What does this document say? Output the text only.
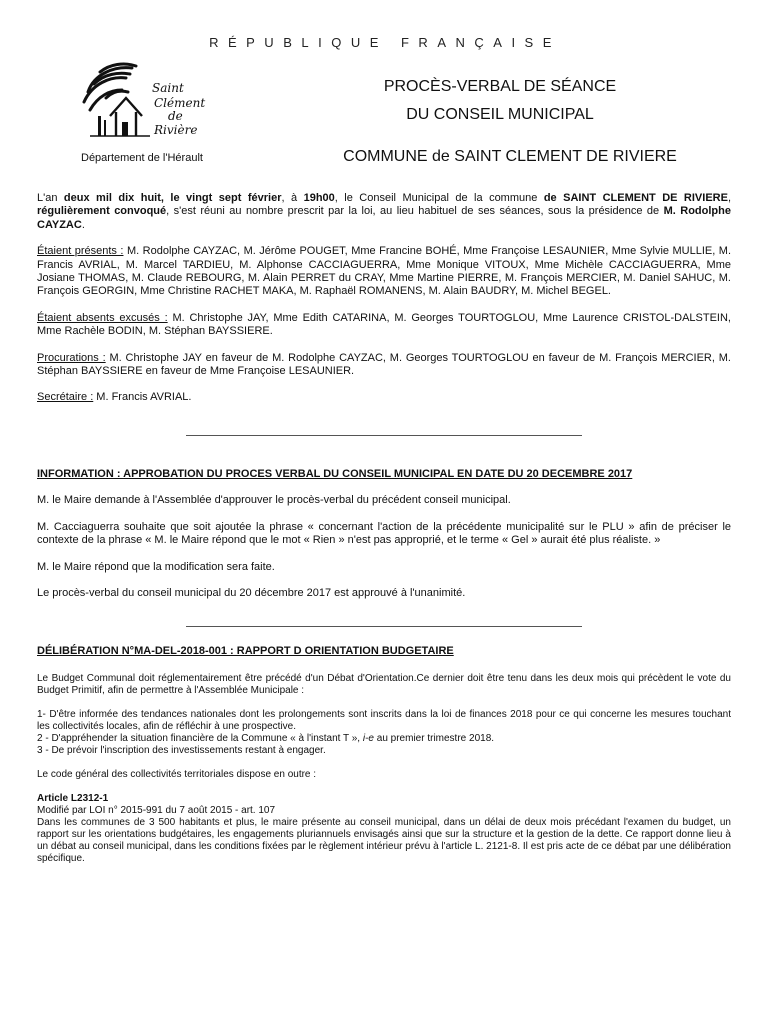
RÉPUBLIQUE FRANÇAISE
Saint
Clément
de
Rivière
Département de l'Hérault
PROCÈS-VERBAL DE SÉANCE
DU CONSEIL MUNICIPAL
COMMUNE de SAINT CLEMENT DE RIVIERE

L'an deux mil dix huit, le vingt sept février, à 19h00, le Conseil Municipal de la commune de SAINT CLEMENT DE RIVIERE, régulièrement convoqué, s'est réuni au nombre prescrit par la loi, au lieu habituel de ses séances, sous la présidence de M. Rodolphe CAYZAC.

Étaient présents : M. Rodolphe CAYZAC, M. Jérôme POUGET, Mme Francine BOHÉ, Mme Françoise LESAUNIER, Mme Sylvie MULLIE, M. Francis AVRIAL, M. Marcel TARDIEU, M. Alphonse CACCIAGUERRA, Mme Monique VITOUX, Mme Michèle CACCIAGUERRA, Mme Josiane THOMAS, M. Claude REBOURG, M. Alain PERRET du CRAY, Mme Martine PIERRE, M. François MERCIER, M. Daniel SAHUC, M. François GEORGIN, Mme Christine RACHET MAKA, M. Raphaël ROMANENS, M. Alain BAUDRY, M. Michel BEGEL.

Étaient absents excusés : M. Christophe JAY, Mme Edith CATARINA, M. Georges TOURTOGLOU, Mme Laurence CRISTOL-DALSTEIN, Mme Rachèle BODIN, M. Stéphan BAYSSIERE.

Procurations : M. Christophe JAY en faveur de M. Rodolphe CAYZAC, M. Georges TOURTOGLOU en faveur de M. François MERCIER, M. Stéphan BAYSSIERE en faveur de Mme Françoise LESAUNIER.

Secrétaire : M. Francis AVRIAL.

INFORMATION : APPROBATION DU PROCES VERBAL DU CONSEIL MUNICIPAL EN DATE DU 20 DECEMBRE 2017

M. le Maire demande à l'Assemblée d'approuver le procès-verbal du précédent conseil municipal.

M. Cacciaguerra souhaite que soit ajoutée la phrase « concernant l'action de la précédente municipalité sur le PLU » afin de préciser le contexte de la phrase « M. le Maire répond que le mot « Rien » n'est pas approprié, et le terme « Gel » aurait été plus réaliste. »

M. le Maire répond que la modification sera faite.

Le procès-verbal du conseil municipal du 20 décembre 2017 est approuvé à l'unanimité.

DÉLIBÉRATION N°MA-DEL-2018-001 : RAPPORT D ORIENTATION BUDGETAIRE

Le Budget Communal doit réglementairement être précédé d'un Débat d'Orientation.Ce dernier doit être tenu dans les deux mois qui précèdent le vote du Budget Primitif, afin de permettre à l'Assemblée Municipale :

1- D'être informée des tendances nationales dont les prolongements sont inscrits dans la loi de finances 2018 pour ce qui concerne les mesures touchant les collectivités locales, afin de réfléchir à une prospective.

2 - D'appréhender la situation financière de la Commune « à l'instant T », i-e au premier trimestre 2018.

3 - De prévoir l'inscription des investissements restant à engager.

Le code général des collectivités territoriales dispose en outre :

Article L2312-1

Modifié par LOI n° 2015-991 du 7 août 2015 - art. 107

Dans les communes de 3 500 habitants et plus, le maire présente au conseil municipal, dans un délai de deux mois précédant l'examen du budget, un rapport sur les orientations budgétaires, les engagements pluriannuels envisagés ainsi que sur la structure et la gestion de la dette. Ce rapport donne lieu à un débat au conseil municipal, dans les conditions fixées par le règlement intérieur prévu à l'article L. 2121-8. Il est pris acte de ce débat par une délibération spécifique.
